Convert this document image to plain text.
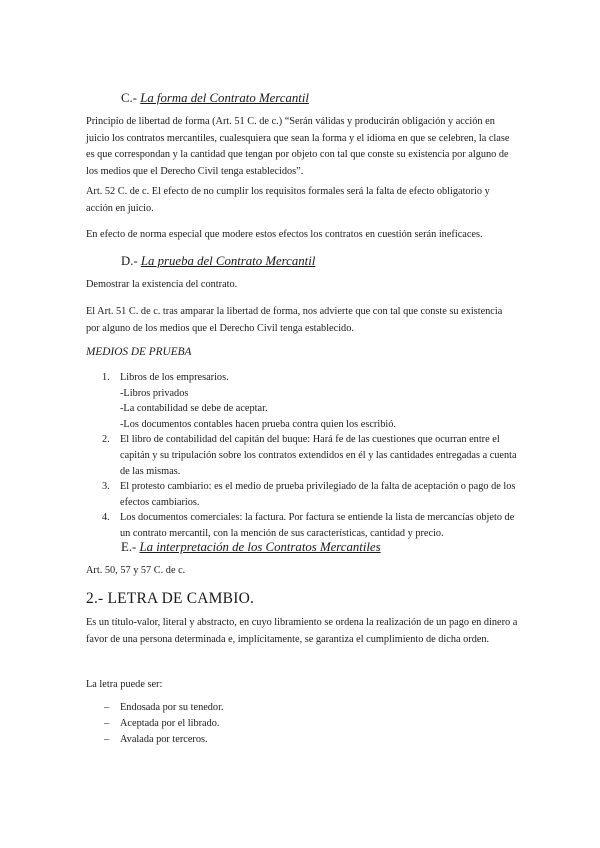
C.- La forma del Contrato Mercantil

Principio de libertad de forma (Art. 51 C. de c.) “Serán válidas y producirán obligación y acción en juicio los contratos mercantiles, cualesquiera que sean la forma y el idioma en que se celebren, la clase es que correspondan y la cantidad que tengan por objeto con tal que conste su existencia por alguno de los medios que el Derecho Civil tenga establecidos”.

Art. 52 C. de c. El efecto de no cumplir los requisitos formales será la falta de efecto obligatorio y acción en juicio.

En efecto de norma especial que modere estos efectos los contratos en cuestión serán ineficaces.

D.- La prueba del Contrato Mercantil

Demostrar la existencia del contrato.

El Art. 51 C. de c. tras amparar la libertad de forma, nos advierte que con tal que conste su existencia por alguno de los medios que el Derecho Civil tenga establecido.

MEDIOS DE PRUEBA
1. Libros de los empresarios.
-Libros privados
-La contabilidad se debe de aceptar.
-Los documentos contables hacen prueba contra quien los escribió.
2. El libro de contabilidad del capitán del buque: Hará fe de las cuestiones que ocurran entre el capitán y su tripulación sobre los contratos extendidos en él y las cantidades entregadas a cuenta de las mismas.
3. El protesto cambiario: es el medio de prueba privilegiado de la falta de aceptación o pago de los efectos cambiarios.
4. Los documentos comerciales: la factura. Por factura se entiende la lista de mercancías objeto de un contrato mercantil, con la mención de sus características, cantidad y precio.
E.- La interpretación de los Contratos Mercantiles

Art. 50, 57 y 57 C. de c.

2.- LETRA DE CAMBIO.

Es un título-valor, literal y abstracto, en cuyo libramiento se ordena la realización de un pago en dinero a favor de una persona determinada e, implícitamente, se garantiza el cumplimiento de dicha orden.

La letra puede ser:

– Endosada por su tenedor.
– Aceptada por el librado.
– Avalada por terceros.
